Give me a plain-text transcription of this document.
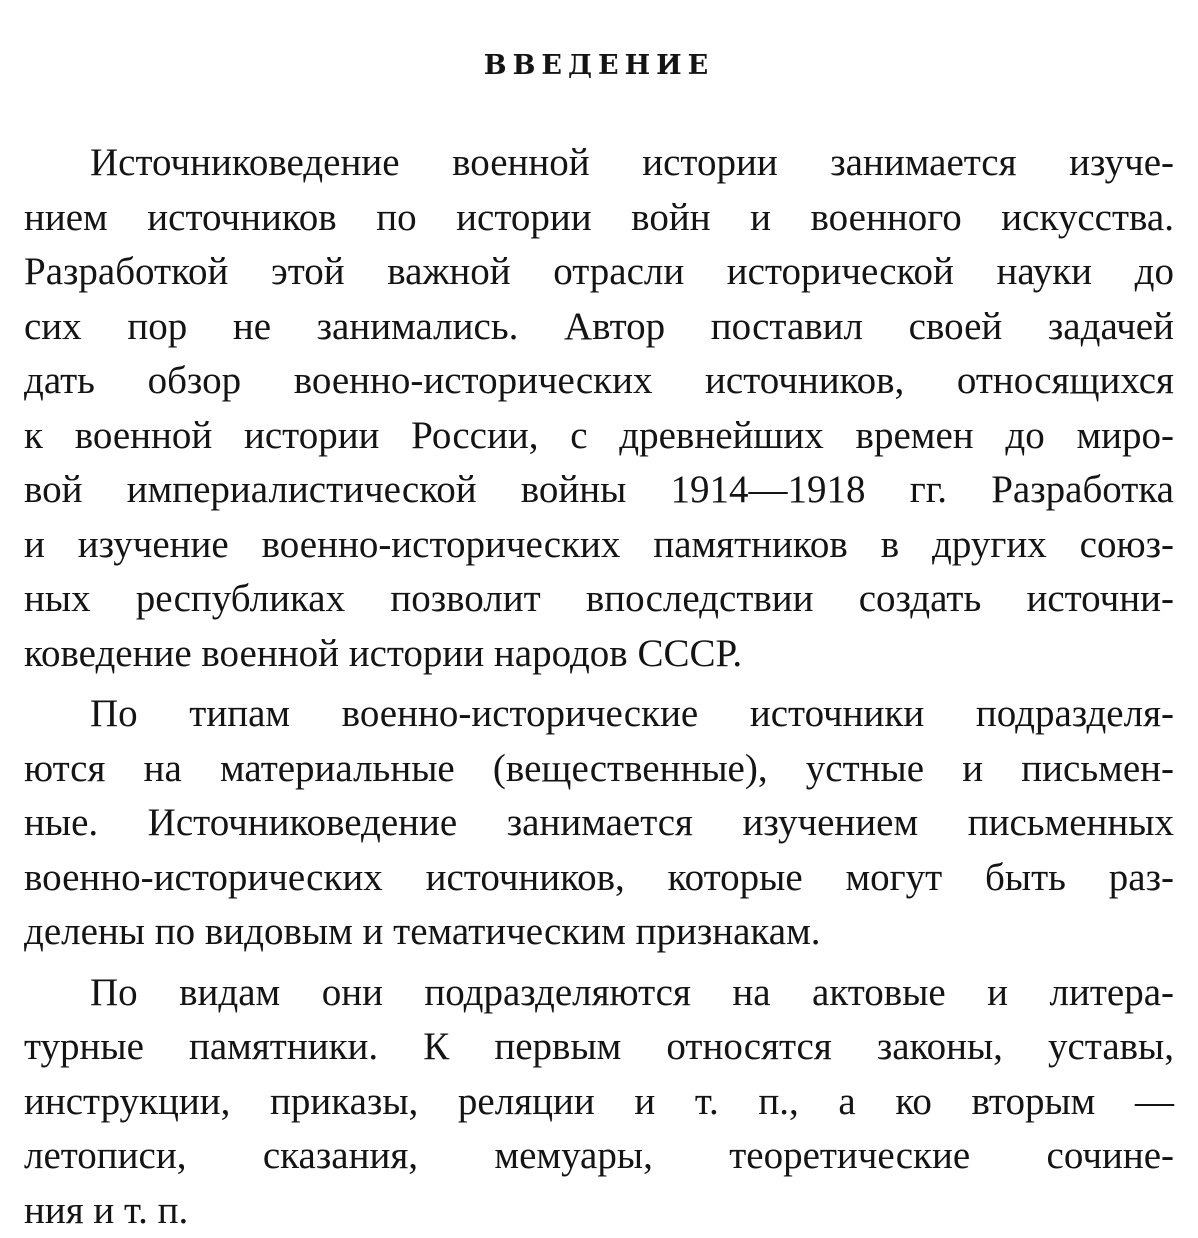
ВВЕДЕНИЕ

Источниковедение военной истории занимается изуче-
нием источников по истории войн и военного искусства.
Разработкой этой важной отрасли исторической науки до
сих пор не занимались. Автор поставил своей задачей
дать обзор военно-исторических источников, относящихся
к военной истории России, с древнейших времен до миро-
вой империалистической войны 1914—1918 гг. Разработка
и изучение военно-исторических памятников в других союз-
ных республиках позволит впоследствии создать источни-
коведение военной истории народов СССР.

По типам военно-исторические источники подразделя-
ются на материальные (вещественные), устные и письмен-
ные. Источниковедение занимается изучением письменных
военно-исторических источников, которые могут быть раз-
делены по видовым и тематическим признакам.

По видам они подразделяются на актовые и литера-
турные памятники. К первым относятся законы, уставы,
инструкции, приказы, реляции и т. п., а ко вторым —
летописи, сказания, мемуары, теоретические сочине-
ния и т. п.
